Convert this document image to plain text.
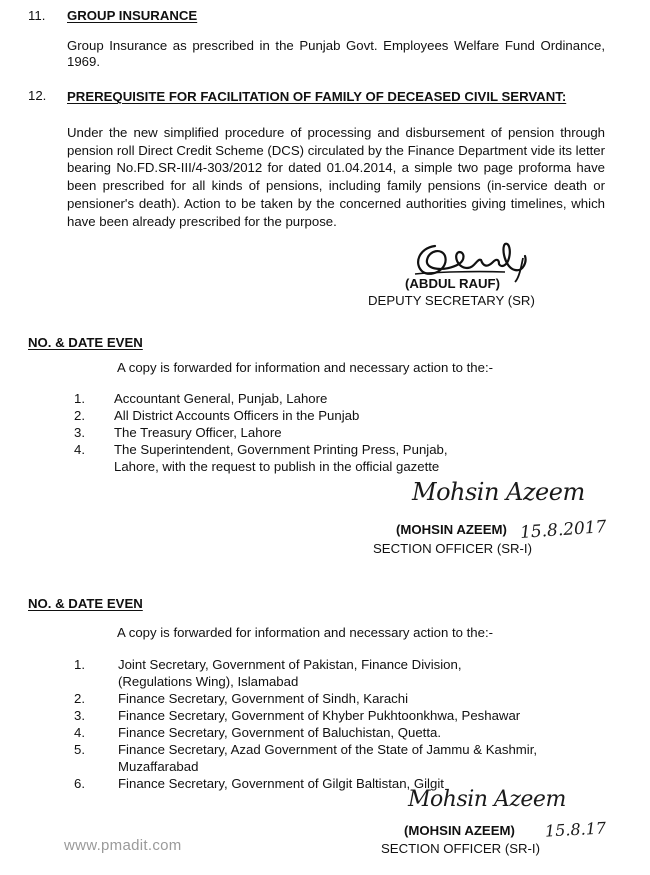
11. GROUP INSURANCE
Group Insurance as prescribed in the Punjab Govt. Employees Welfare Fund Ordinance, 1969.
12. PREREQUISITE FOR FACILITATION OF FAMILY OF DECEASED CIVIL SERVANT:
Under the new simplified procedure of processing and disbursement of pension through pension roll Direct Credit Scheme (DCS) circulated by the Finance Department vide its letter bearing No.FD.SR-III/4-303/2012 for dated 01.04.2014, a simple two page proforma have been prescribed for all kinds of pensions, including family pensions (in-service death or pensioner's death). Action to be taken by the concerned authorities giving timelines, which have been already prescribed for the purpose.
(ABDUL RAUF)
DEPUTY SECRETARY (SR)
NO. & DATE EVEN
A copy is forwarded for information and necessary action to the:-
1. Accountant General, Punjab, Lahore
2. All District Accounts Officers in the Punjab
3. The Treasury Officer, Lahore
4. The Superintendent, Government Printing Press, Punjab,
Lahore, with the request to publish in the official gazette
Mohsin Azeem
15.8.2017
(MOHSIN AZEEM)
SECTION OFFICER (SR-I)
NO. & DATE EVEN
A copy is forwarded for information and necessary action to the:-
1.	Joint Secretary, Government of Pakistan, Finance Division,
(Regulations Wing), Islamabad
2.	Finance Secretary, Government of Sindh, Karachi
3.	Finance Secretary, Government of Khyber Pukhtoonkhwa, Peshawar
4.	Finance Secretary, Government of Baluchistan, Quetta.
5.	Finance Secretary, Azad Government of the State of Jammu & Kashmir,
Muzaffarabad
6.	Finance Secretary, Government of Gilgit Baltistan, Gilgit
Mohsin Azeem
15.8.17
(MOHSIN AZEEM)
SECTION OFFICER (SR-I)
www.pmadit.com
